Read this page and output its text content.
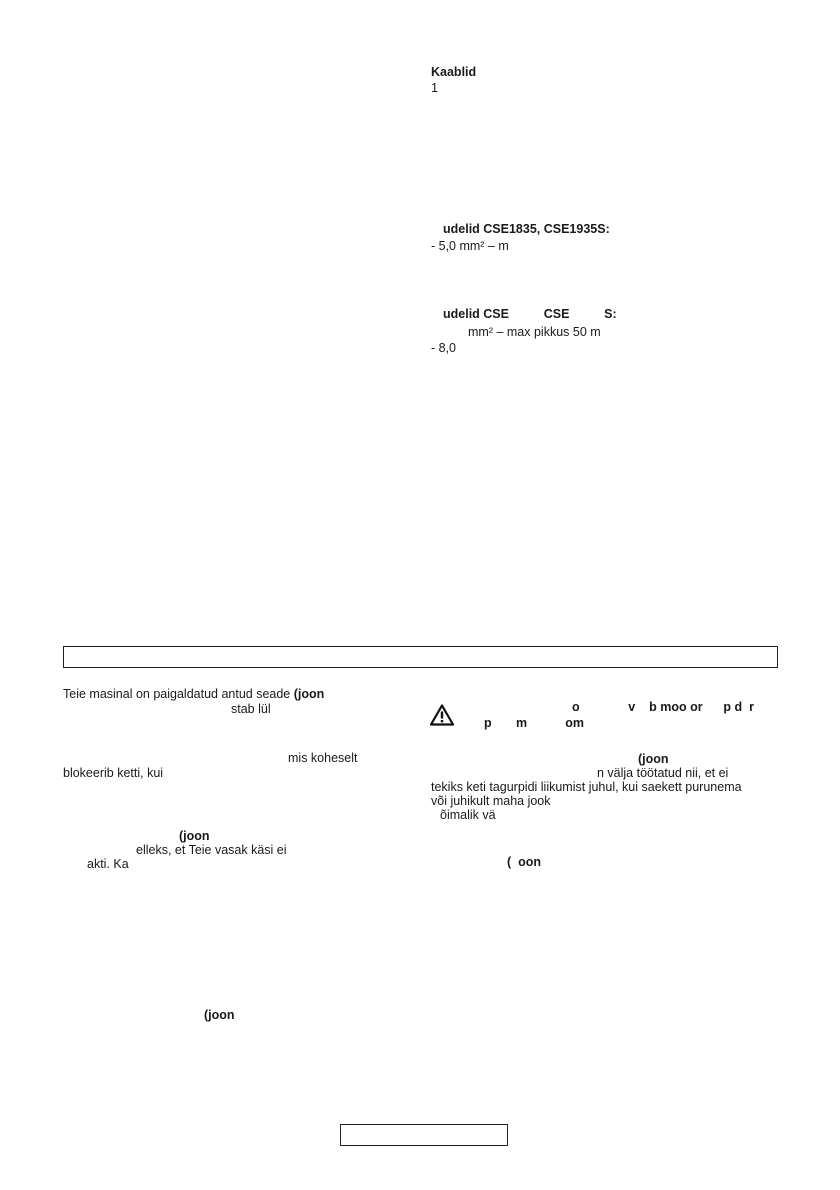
Kaablid
1
udelid CSE1835, CSE1935S:
- 5,0 mm² – m
udelid CSE          CSE          S:
mm² – max pikkus 50 m
- 8,0
Teie masinal on paigaldatud antud seade (joon
stab lül
mis koheselt
blokeerib ketti, kui
(joon
elleks, et Teie vasak käsi ei
akti. Ka
(joon
o              v    b moo or      p d  r
p       m           om
(joon
n välja töötatud nii, et ei
tekiks keti tagurpidi liikumist juhul, kui saekett purunema
või juhikult maha jook
õimalik vä
(  oon
